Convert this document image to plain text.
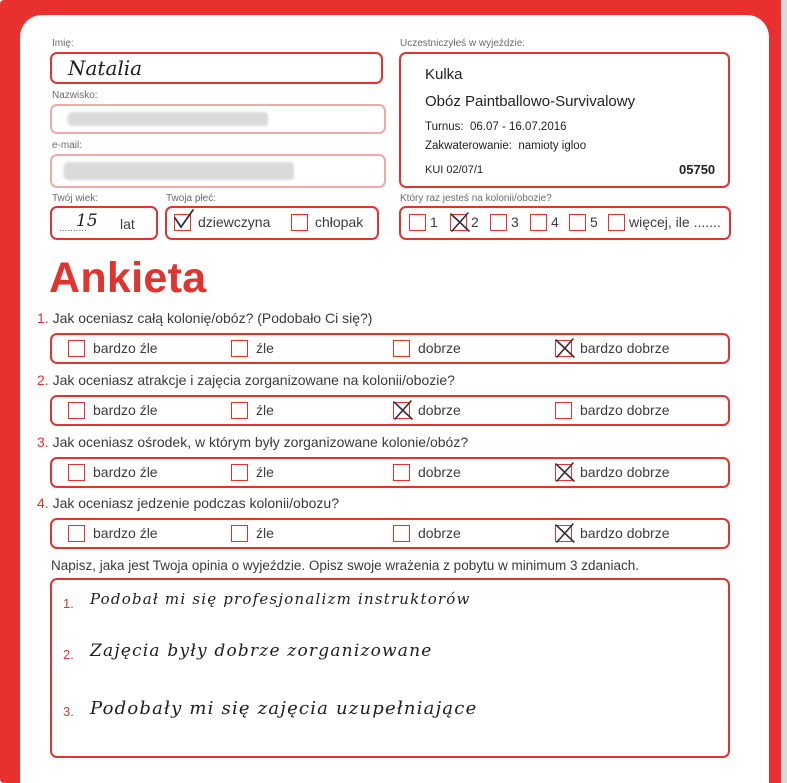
Imię:
Natalia
Nazwisko:
e-mail:
Twój wiek:
..........
15 lat
Twoja płeć:
dziewczyna	chłopak
Uczestniczyłeś w wyjeździe:
Kulka
Obóz Paintballowo-Survivalowy
Turnus: 06.07 - 16.07.2016
Zakwaterowanie: namioty igloo
KUI 02/07/1	05750
Który raz jesteś na kolonii/obozie?
1 2 3 4 5 więcej, ile .......
Ankieta
1. Jak oceniasz całą kolonię/obóz? (Podobało Ci się?)
bardzo źle	źle	dobrze	bardzo dobrze
2. Jak oceniasz atrakcje i zajęcia zorganizowane na kolonii/obozie?
bardzo źle	źle	dobrze	bardzo dobrze
3. Jak oceniasz ośrodek, w którym były zorganizowane kolonie/obóz?
bardzo źle	źle	dobrze	bardzo dobrze
4. Jak oceniasz jedzenie podczas kolonii/obozu?
bardzo źle	źle	dobrze	bardzo dobrze
Napisz, jaka jest Twoja opinia o wyjeździe. Opisz swoje wrażenia z pobytu w minimum 3 zdaniach.
1. Podobał mi się profesjonalizm instruktorów
2. Zajęcia były dobrze zorganizowane
3. Podobały mi się zajęcia uzupełniające
